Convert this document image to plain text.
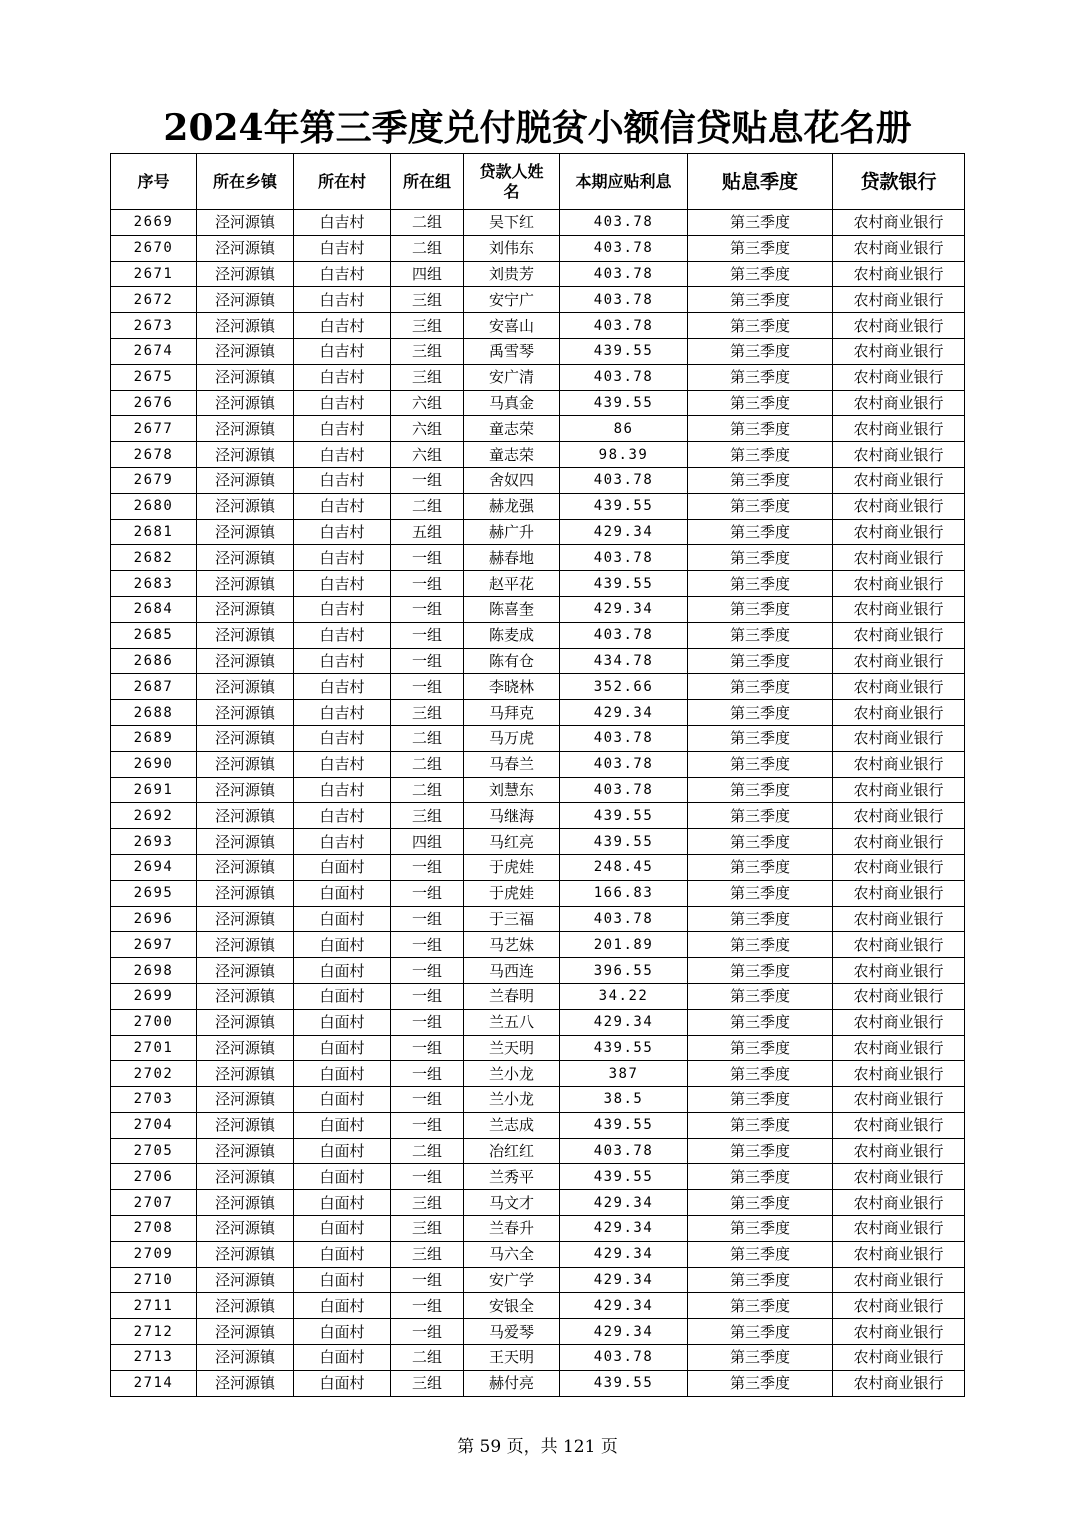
2024年第三季度兑付脱贫小额信贷贴息花名册
序号	所在乡镇	所在村	所在组	贷款人姓名	本期应贴利息	贴息季度	贷款银行
2669	泾河源镇	白吉村	二组	吴下红	403.78	第三季度	农村商业银行
2670	泾河源镇	白吉村	二组	刘伟东	403.78	第三季度	农村商业银行
2671	泾河源镇	白吉村	四组	刘贵芳	403.78	第三季度	农村商业银行
2672	泾河源镇	白吉村	三组	安宁广	403.78	第三季度	农村商业银行
2673	泾河源镇	白吉村	三组	安喜山	403.78	第三季度	农村商业银行
2674	泾河源镇	白吉村	三组	禹雪琴	439.55	第三季度	农村商业银行
2675	泾河源镇	白吉村	三组	安广清	403.78	第三季度	农村商业银行
2676	泾河源镇	白吉村	六组	马真金	439.55	第三季度	农村商业银行
2677	泾河源镇	白吉村	六组	童志荣	86	第三季度	农村商业银行
2678	泾河源镇	白吉村	六组	童志荣	98.39	第三季度	农村商业银行
2679	泾河源镇	白吉村	一组	舍奴四	403.78	第三季度	农村商业银行
2680	泾河源镇	白吉村	二组	赫龙强	439.55	第三季度	农村商业银行
2681	泾河源镇	白吉村	五组	赫广升	429.34	第三季度	农村商业银行
2682	泾河源镇	白吉村	一组	赫春地	403.78	第三季度	农村商业银行
2683	泾河源镇	白吉村	一组	赵平花	439.55	第三季度	农村商业银行
2684	泾河源镇	白吉村	一组	陈喜奎	429.34	第三季度	农村商业银行
2685	泾河源镇	白吉村	一组	陈麦成	403.78	第三季度	农村商业银行
2686	泾河源镇	白吉村	一组	陈有仓	434.78	第三季度	农村商业银行
2687	泾河源镇	白吉村	一组	李晓林	352.66	第三季度	农村商业银行
2688	泾河源镇	白吉村	三组	马拜克	429.34	第三季度	农村商业银行
2689	泾河源镇	白吉村	二组	马万虎	403.78	第三季度	农村商业银行
2690	泾河源镇	白吉村	二组	马春兰	403.78	第三季度	农村商业银行
2691	泾河源镇	白吉村	二组	刘慧东	403.78	第三季度	农村商业银行
2692	泾河源镇	白吉村	三组	马继海	439.55	第三季度	农村商业银行
2693	泾河源镇	白吉村	四组	马红亮	439.55	第三季度	农村商业银行
2694	泾河源镇	白面村	一组	于虎娃	248.45	第三季度	农村商业银行
2695	泾河源镇	白面村	一组	于虎娃	166.83	第三季度	农村商业银行
2696	泾河源镇	白面村	一组	于三福	403.78	第三季度	农村商业银行
2697	泾河源镇	白面村	一组	马艺妹	201.89	第三季度	农村商业银行
2698	泾河源镇	白面村	一组	马西连	396.55	第三季度	农村商业银行
2699	泾河源镇	白面村	一组	兰春明	34.22	第三季度	农村商业银行
2700	泾河源镇	白面村	一组	兰五八	429.34	第三季度	农村商业银行
2701	泾河源镇	白面村	一组	兰天明	439.55	第三季度	农村商业银行
2702	泾河源镇	白面村	一组	兰小龙	387	第三季度	农村商业银行
2703	泾河源镇	白面村	一组	兰小龙	38.5	第三季度	农村商业银行
2704	泾河源镇	白面村	一组	兰志成	439.55	第三季度	农村商业银行
2705	泾河源镇	白面村	二组	冶红红	403.78	第三季度	农村商业银行
2706	泾河源镇	白面村	一组	兰秀平	439.55	第三季度	农村商业银行
2707	泾河源镇	白面村	三组	马文才	429.34	第三季度	农村商业银行
2708	泾河源镇	白面村	三组	兰春升	429.34	第三季度	农村商业银行
2709	泾河源镇	白面村	三组	马六全	429.34	第三季度	农村商业银行
2710	泾河源镇	白面村	一组	安广学	429.34	第三季度	农村商业银行
2711	泾河源镇	白面村	一组	安银全	429.34	第三季度	农村商业银行
2712	泾河源镇	白面村	一组	马爱琴	429.34	第三季度	农村商业银行
2713	泾河源镇	白面村	二组	王天明	403.78	第三季度	农村商业银行
2714	泾河源镇	白面村	三组	赫付亮	439.55	第三季度	农村商业银行
第 59 页，共 121 页
